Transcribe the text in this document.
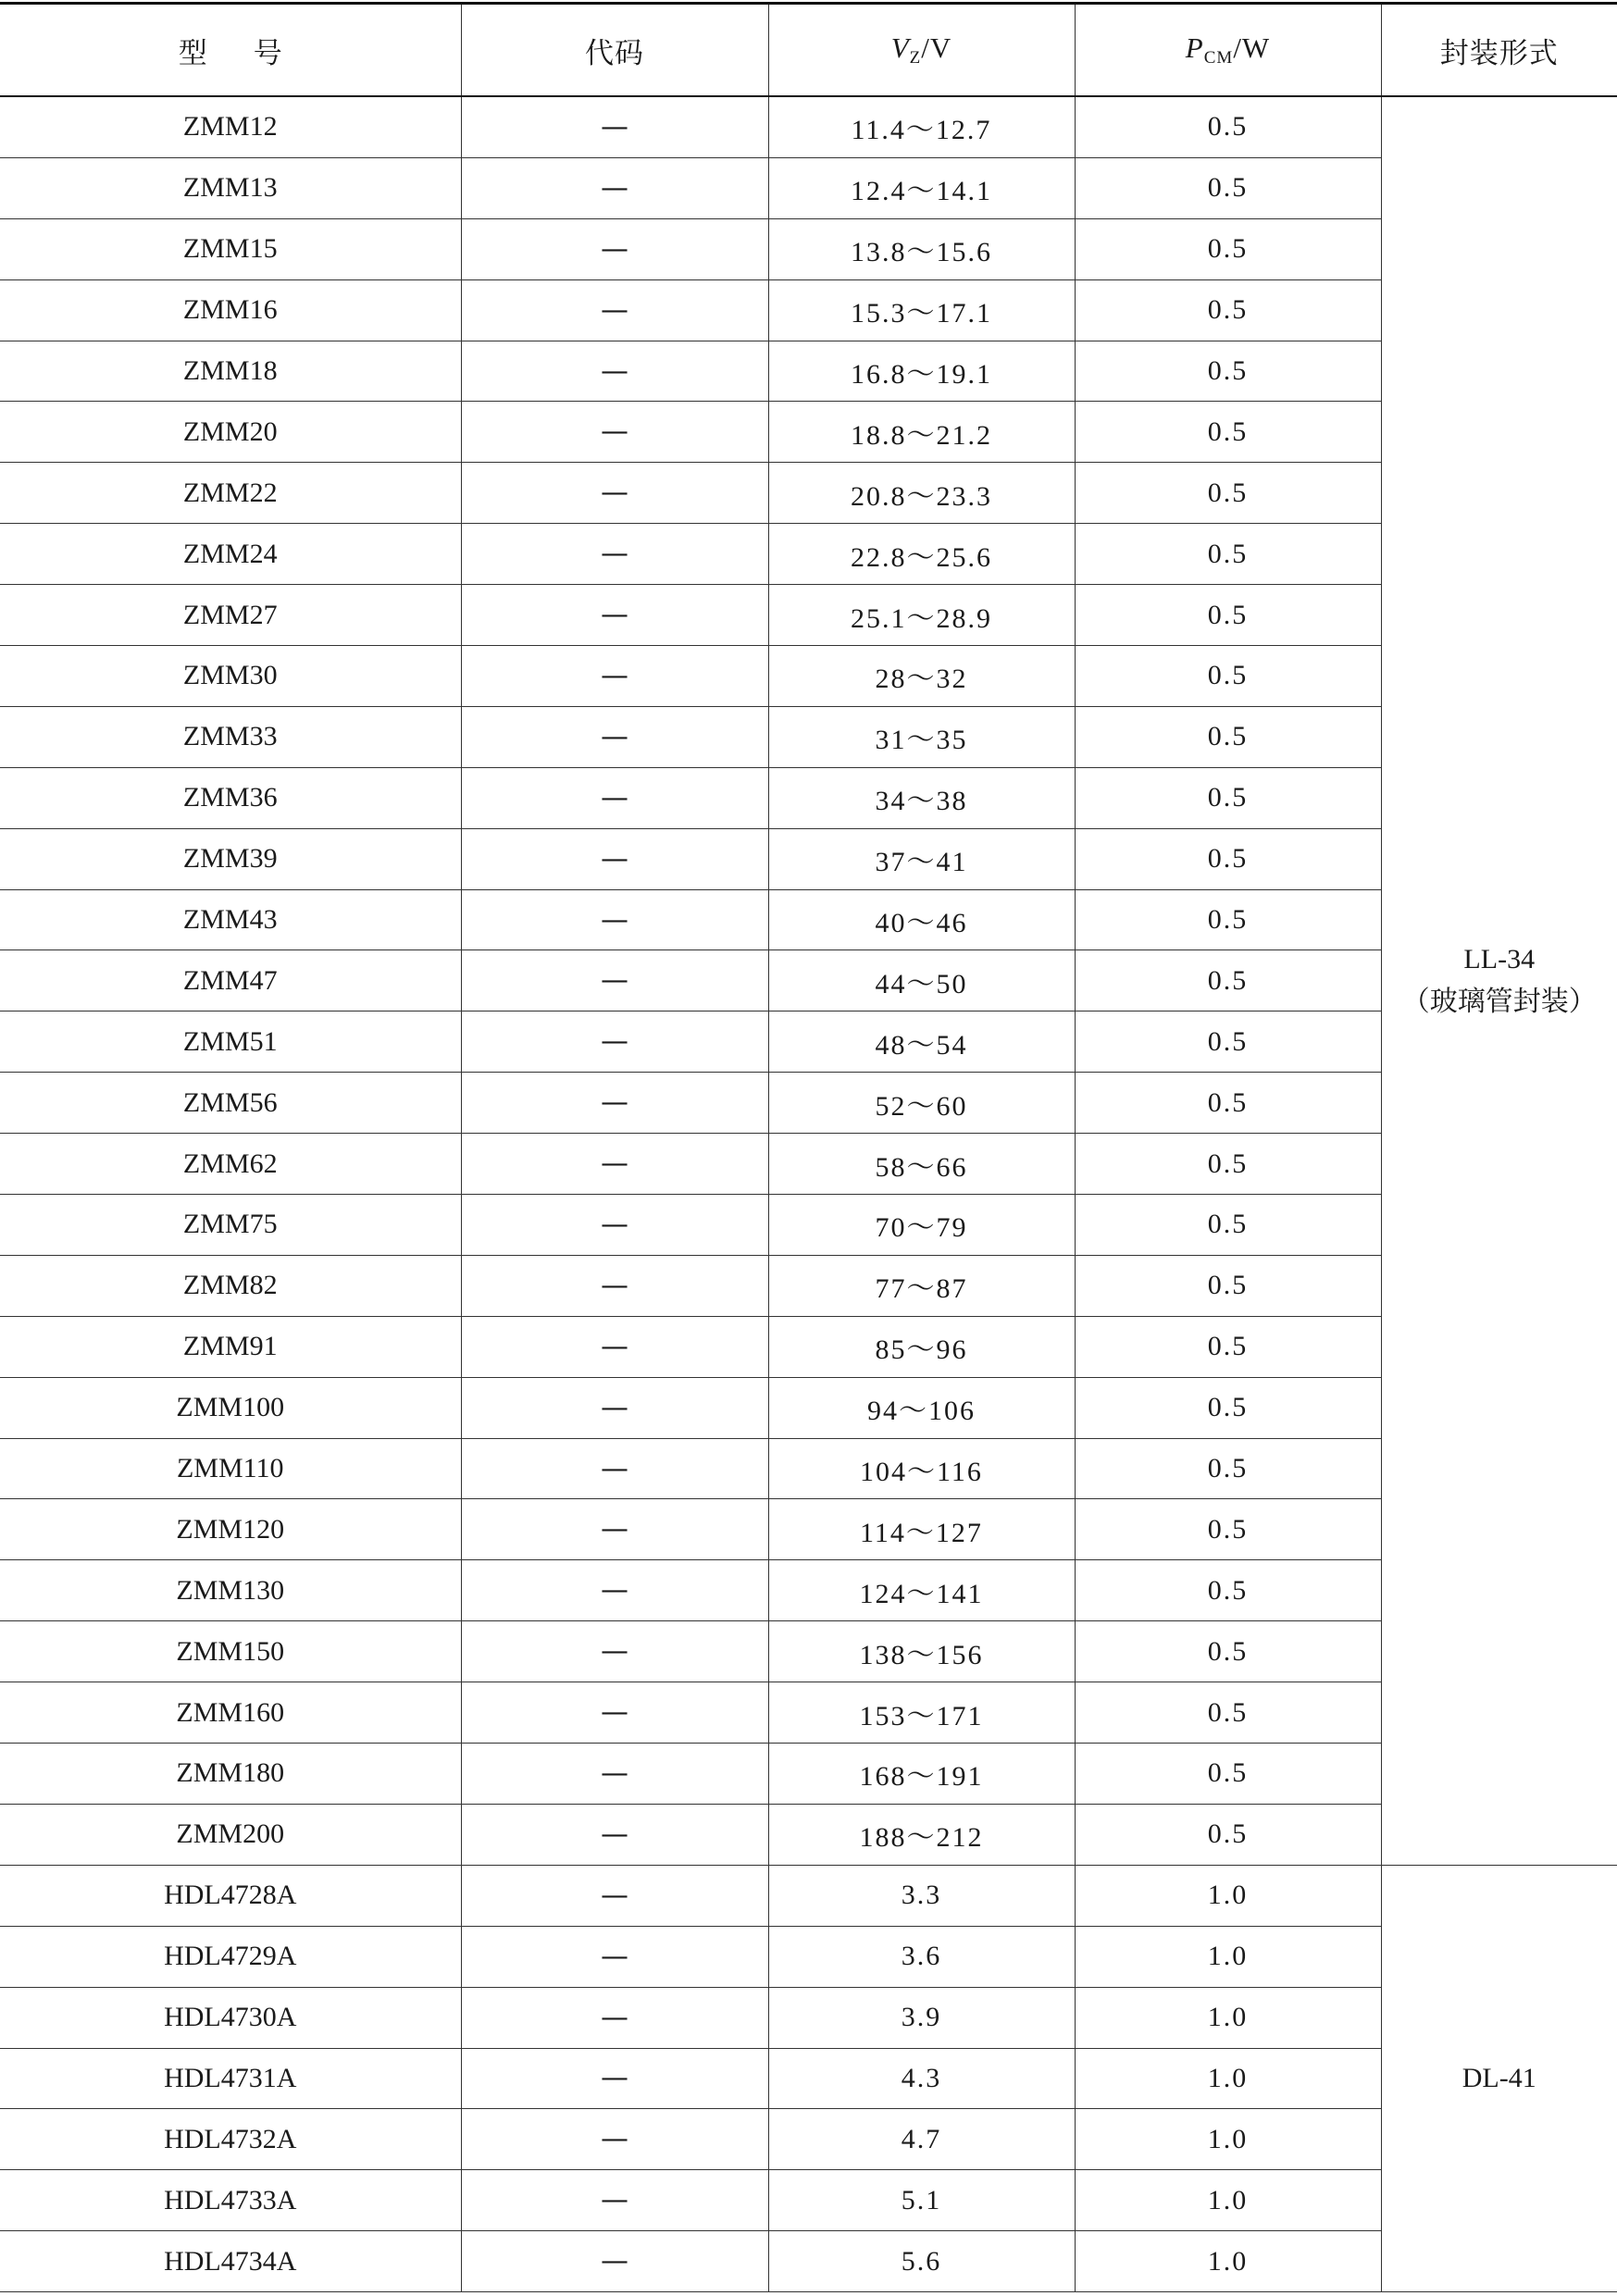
型号	代码	$V_Z/V$	$P_{CM}/W$	封装形式
ZMM12	—	11.4～12.7	0.5	LL-34
（玻璃管封装）

ZMM13	—	12.4～14.1	0.5	
ZMM15	—	13.8～15.6	0.5	
ZMM16	—	15.3～17.1	0.5	
ZMM18	—	16.8～19.1	0.5	
ZMM20	—	18.8～21.2	0.5	
ZMM22	—	20.8～23.3	0.5	
ZMM24	—	22.8～25.6	0.5	
ZMM27	—	25.1～28.9	0.5	
ZMM30	—	28～32	0.5	
ZMM33	—	31～35	0.5	
ZMM36	—	34～38	0.5	
ZMM39	—	37～41	0.5	
ZMM43	—	40～46	0.5	
ZMM47	—	44～50	0.5	
ZMM51	—	48～54	0.5	
ZMM56	—	52～60	0.5	
ZMM62	—	58～66	0.5	
ZMM75	—	70～79	0.5	
ZMM82	—	77～87	0.5	
ZMM91	—	85～96	0.5	
ZMM100	—	94～106	0.5	
ZMM110	—	104～116	0.5	
ZMM120	—	114～127	0.5	
ZMM130	—	124～141	0.5	
ZMM150	—	138～156	0.5	
ZMM160	—	153～171	0.5	
ZMM180	—	168～191	0.5	
ZMM200	—	188～212	0.5	
HDL4728A	—	3.3	1.0	DL-41

HDL4729A	—	3.6	1.0	
HDL4730A	—	3.9	1.0	
HDL4731A	—	4.3	1.0	
HDL4732A	—	4.7	1.0	
HDL4733A	—	5.1	1.0	
HDL4734A	—	5.6	1.0	
